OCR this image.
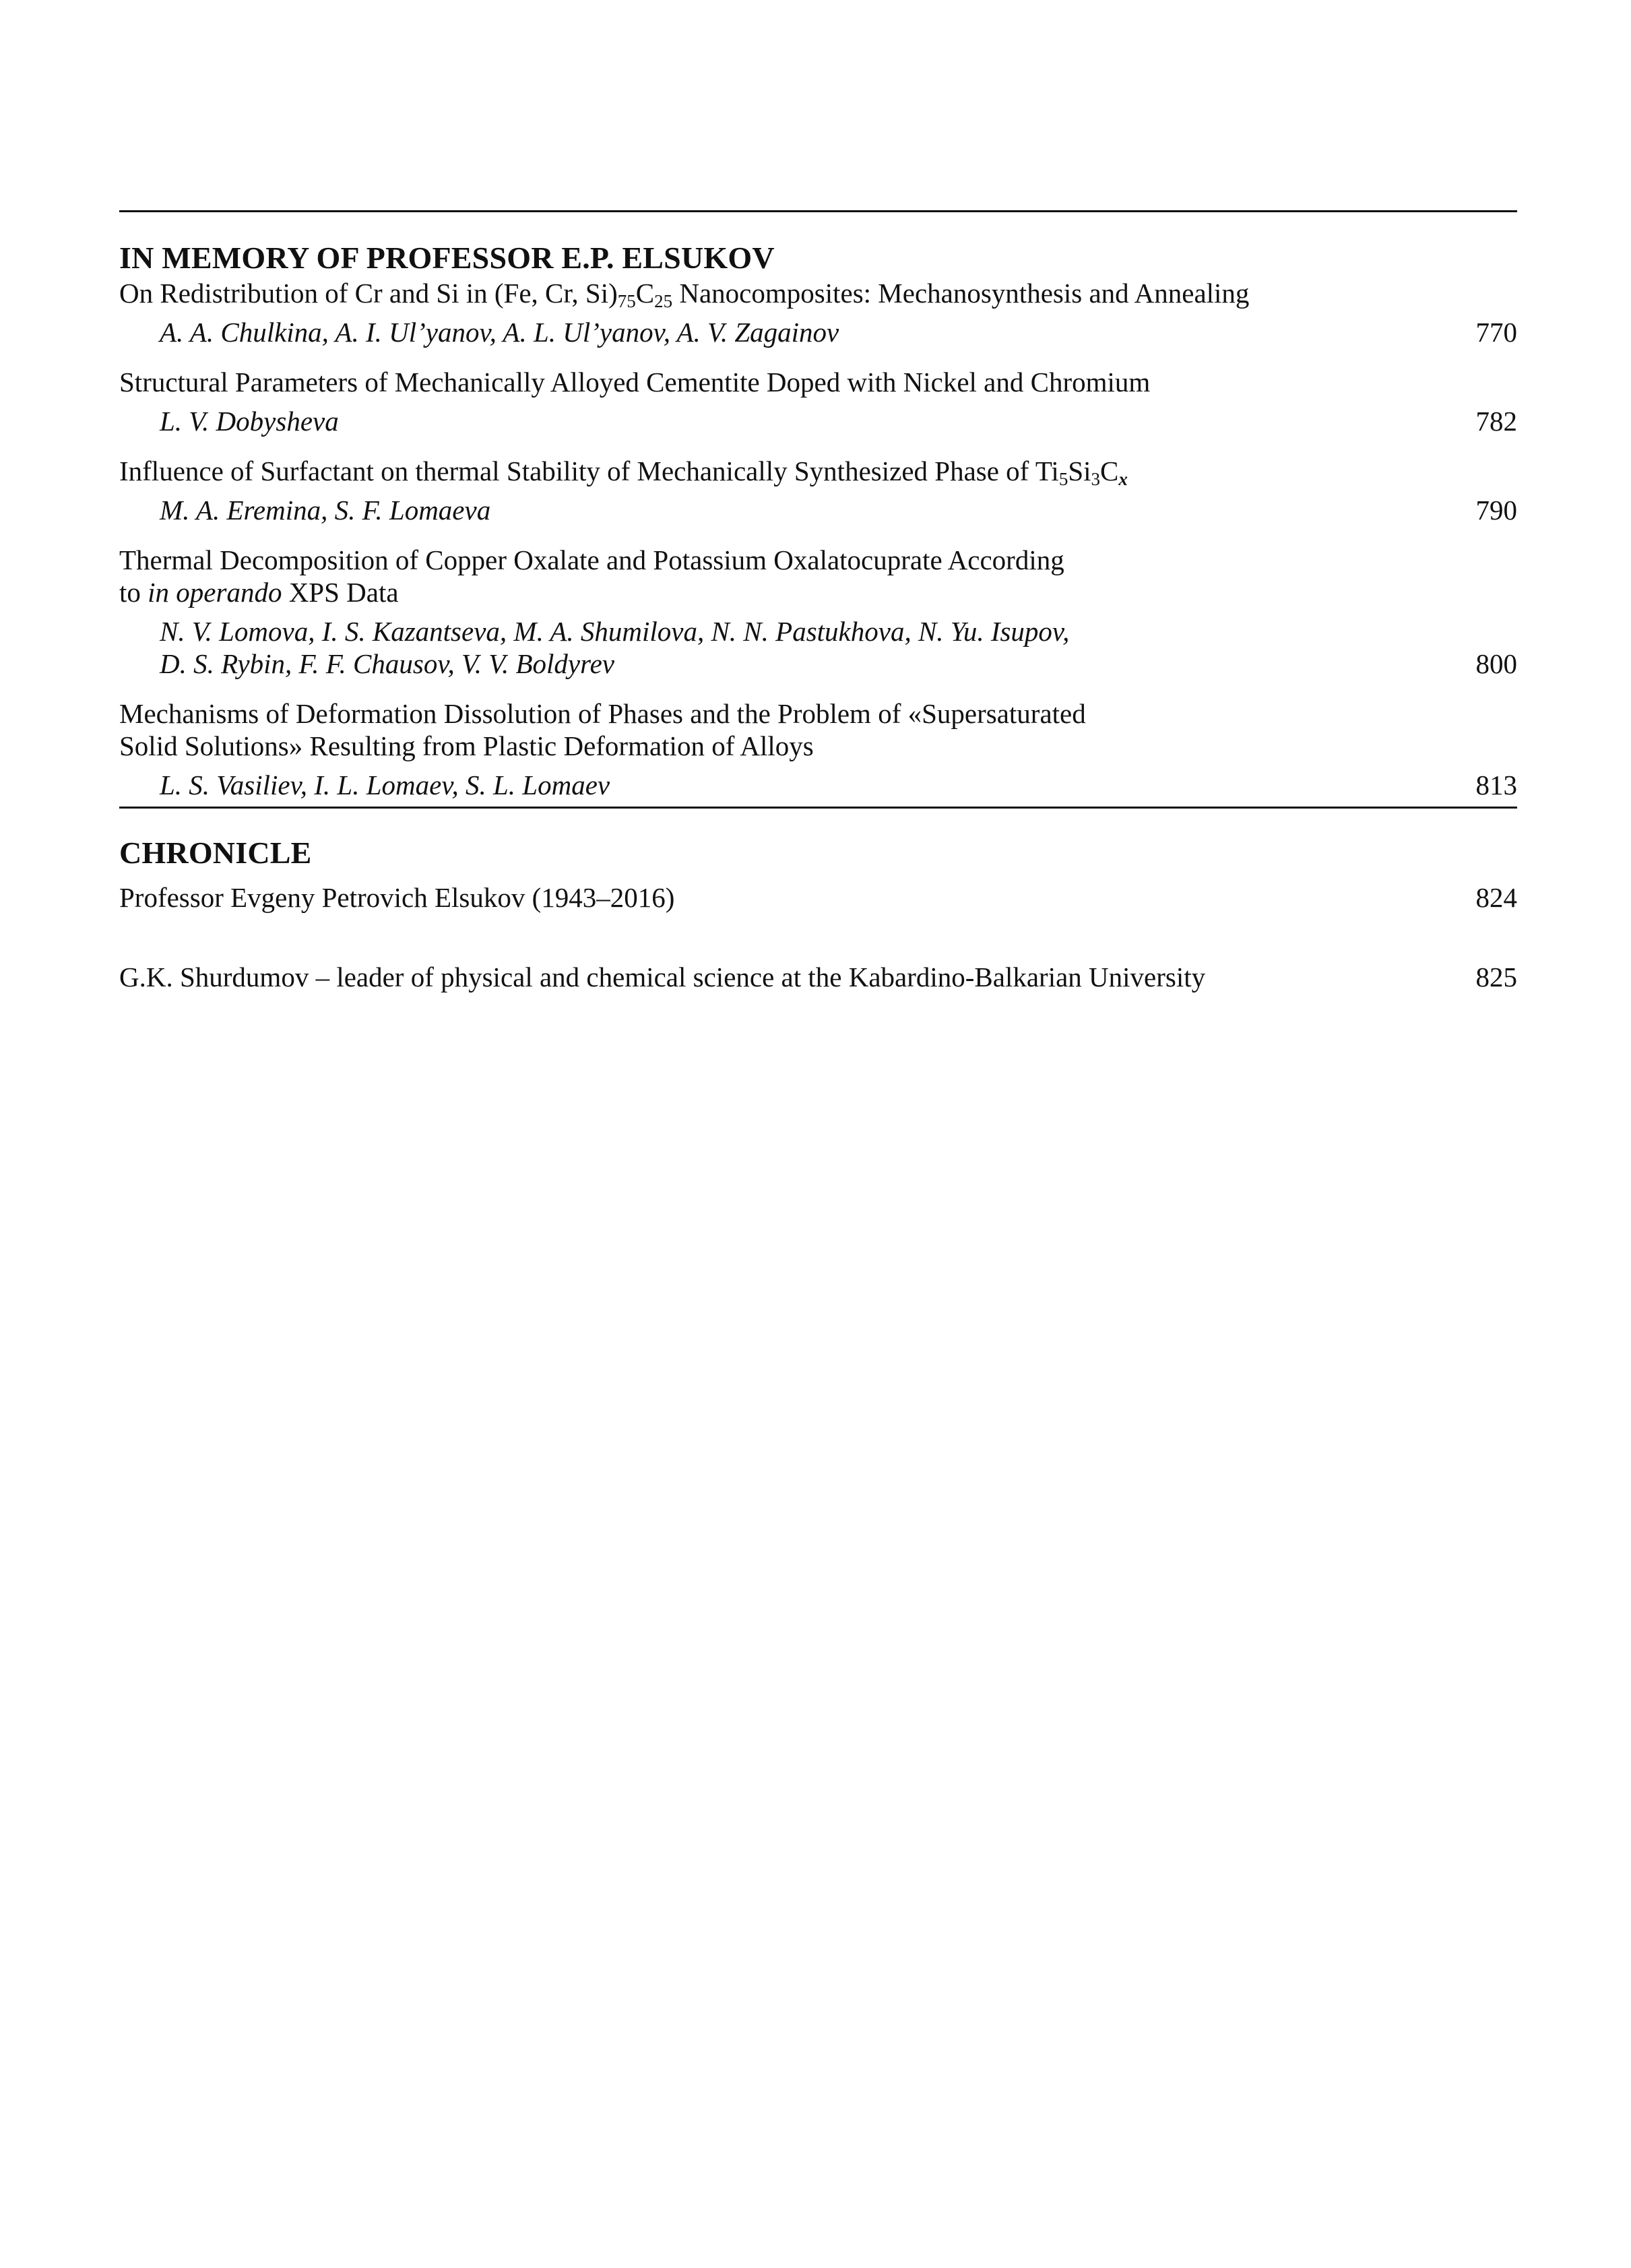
IN MEMORY OF PROFESSOR E.P. ELSUKOV
On Redistribution of Cr and Si in (Fe, Cr, $Si)_{75}C_{25}$ Nanocomposites: Mechanosynthesis and Annealing
A. A. Chulkina, A. I. Ul’yanov, A. L. Ul’yanov, A. V. Zagainov	770
Structural Parameters of Mechanically Alloyed Cementite Doped with Nickel and Chromium
L. V. Dobysheva	782
Influence of Surfactant on thermal Stability of Mechanically Synthesized Phase of $Ti_5Si_3C_x$
M. A. Eremina, S. F. Lomaeva	790
Thermal Decomposition of Copper Oxalate and Potassium Oxalatocuprate According
to in operando XPS Data
N. V. Lomova, I. S. Kazantseva, M. A. Shumilova, N. N. Pastukhova, N. Yu. Isupov,
D. S. Rybin, F. F. Chausov, V. V. Boldyrev	800
Mechanisms of Deformation Dissolution of Phases and the Problem of «Supersaturated
Solid Solutions» Resulting from Plastic Deformation of Alloys
L. S. Vasiliev, I. L. Lomaev, S. L. Lomaev	813
CHRONICLE
Professor Evgeny Petrovich Elsukov (1943–2016)	824
G.K. Shurdumov – leader of physical and chemical science at the Kabardino-Balkarian University	825
